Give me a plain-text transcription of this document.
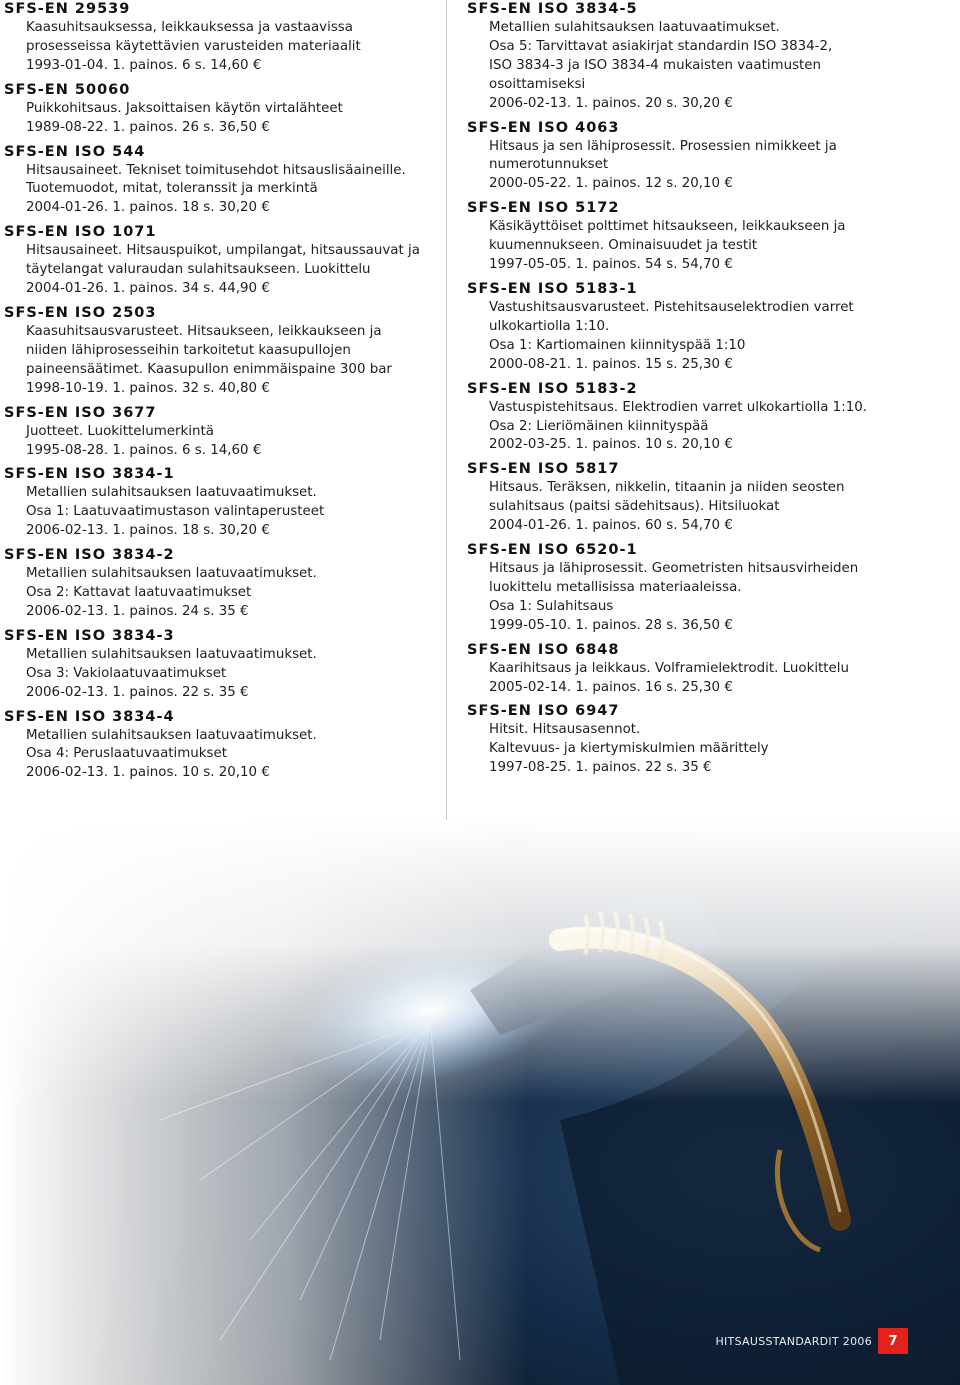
SFS-EN 29539
Kaasuhitsauksessa, leikkauksessa ja vastaavissa
prosesseissa käytettävien varusteiden materiaalit
1993-01-04. 1. painos. 6 s. 14,60 €
SFS-EN 50060
Puikkohitsaus. Jaksoittaisen käytön virtalähteet
1989-08-22. 1. painos. 26 s. 36,50 €
SFS-EN ISO 544
Hitsausaineet. Tekniset toimitusehdot hitsauslisäaineille.
Tuotemuodot, mitat, toleranssit ja merkintä
2004-01-26. 1. painos. 18 s. 30,20 €
SFS-EN ISO 1071
Hitsausaineet. Hitsauspuikot, umpilangat, hitsaussauvat ja
täytelangat valuraudan sulahitsaukseen. Luokittelu
2004-01-26. 1. painos. 34 s. 44,90 €
SFS-EN ISO 2503
Kaasuhitsausvarusteet. Hitsaukseen, leikkaukseen ja
niiden lähiprosesseihin tarkoitetut kaasupullojen
paineensäätimet. Kaasupullon enimmäispaine 300 bar
1998-10-19. 1. painos. 32 s. 40,80 €
SFS-EN ISO 3677
Juotteet. Luokittelumerkintä
1995-08-28. 1. painos. 6 s. 14,60 €
SFS-EN ISO 3834-1
Metallien sulahitsauksen laatuvaatimukset.
Osa 1: Laatuvaatimustason valintaperusteet
2006-02-13. 1. painos. 18 s. 30,20 €
SFS-EN ISO 3834-2
Metallien sulahitsauksen laatuvaatimukset.
Osa 2: Kattavat laatuvaatimukset
2006-02-13. 1. painos. 24 s. 35 €
SFS-EN ISO 3834-3
Metallien sulahitsauksen laatuvaatimukset.
Osa 3: Vakiolaatuvaatimukset
2006-02-13. 1. painos. 22 s. 35 €
SFS-EN ISO 3834-4
Metallien sulahitsauksen laatuvaatimukset.
Osa 4: Peruslaatuvaatimukset
2006-02-13. 1. painos. 10 s. 20,10 €
SFS-EN ISO 3834-5
Metallien sulahitsauksen laatuvaatimukset.
Osa 5: Tarvittavat asiakirjat standardin ISO 3834-2,
ISO 3834-3 ja ISO 3834-4 mukaisten vaatimusten
osoittamiseksi
2006-02-13. 1. painos. 20 s. 30,20 €
SFS-EN ISO 4063
Hitsaus ja sen lähiprosessit. Prosessien nimikkeet ja
numerotunnukset
2000-05-22. 1. painos. 12 s. 20,10 €
SFS-EN ISO 5172
Käsikäyttöiset polttimet hitsaukseen, leikkaukseen ja
kuumennukseen. Ominaisuudet ja testit
1997-05-05. 1. painos. 54 s. 54,70 €
SFS-EN ISO 5183-1
Vastushitsausvarusteet. Pistehitsauselektrodien varret
ulkokartiolla 1:10.
Osa 1: Kartiomainen kiinnityspää 1:10
2000-08-21. 1. painos. 15 s. 25,30 €
SFS-EN ISO 5183-2
Vastuspistehitsaus. Elektrodien varret ulkokartiolla 1:10.
Osa 2: Lieriömäinen kiinnityspää
2002-03-25. 1. painos. 10 s. 20,10 €
SFS-EN ISO 5817
Hitsaus. Teräksen, nikkelin, titaanin ja niiden seosten
sulahitsaus (paitsi sädehitsaus). Hitsiluokat
2004-01-26. 1. painos. 60 s. 54,70 €
SFS-EN ISO 6520-1
Hitsaus ja lähiprosessit. Geometristen hitsausvirheiden
luokittelu metallisissa materiaaleissa.
Osa 1: Sulahitsaus
1999-05-10. 1. painos. 28 s. 36,50 €
SFS-EN ISO 6848
Kaarihitsaus ja leikkaus. Volframielektrodit. Luokittelu
2005-02-14. 1. painos. 16 s. 25,30 €
SFS-EN ISO 6947
Hitsit. Hitsausasennot.
Kaltevuus- ja kiertymiskulmien määrittely
1997-08-25. 1. painos. 22 s. 35 €
HITSAUSSTANDARDIT 2006	7
